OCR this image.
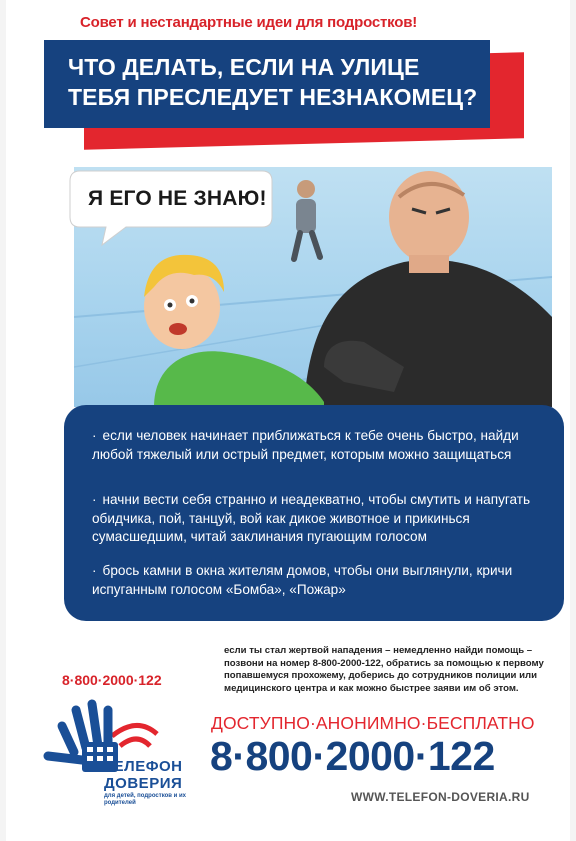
Совет и нестандартные идеи для подростков!
ЧТО ДЕЛАТЬ, ЕСЛИ НА УЛИЦЕ
ТЕБЯ ПРЕСЛЕДУЕТ НЕЗНАКОМЕЦ?
Я ЕГО НЕ ЗНАЮ!
· если человек начинает приближаться к тебе очень быстро, найди любой тяжелый или острый предмет, которым можно защищаться
· начни вести себя странно и неадекватно, чтобы смутить и напугать обидчика, пой, танцуй, вой как дикое животное и прикинься сумасшедшим, читай заклинания пугающим голосом
· брось камни в окна жителям домов, чтобы они выглянули, кричи испуганным голосом «Бомба», «Пожар»
если ты стал жертвой нападения – немедленно найди помощь – позвони на номер 8-800-2000-122, обратись за помощью к первому попавшемуся прохожему, доберись до сотрудников полиции или медицинского центра и как можно быстрее заяви им об этом.
8·800·2000·122
ТЕЛЕФОН
ДОВЕРИЯ
для детей, подростков и их родителей
ДОСТУПНО·АНОНИМНО·БЕСПЛАТНО
8·800·2000·122
WWW.TELEFON-DOVERIA.RU
